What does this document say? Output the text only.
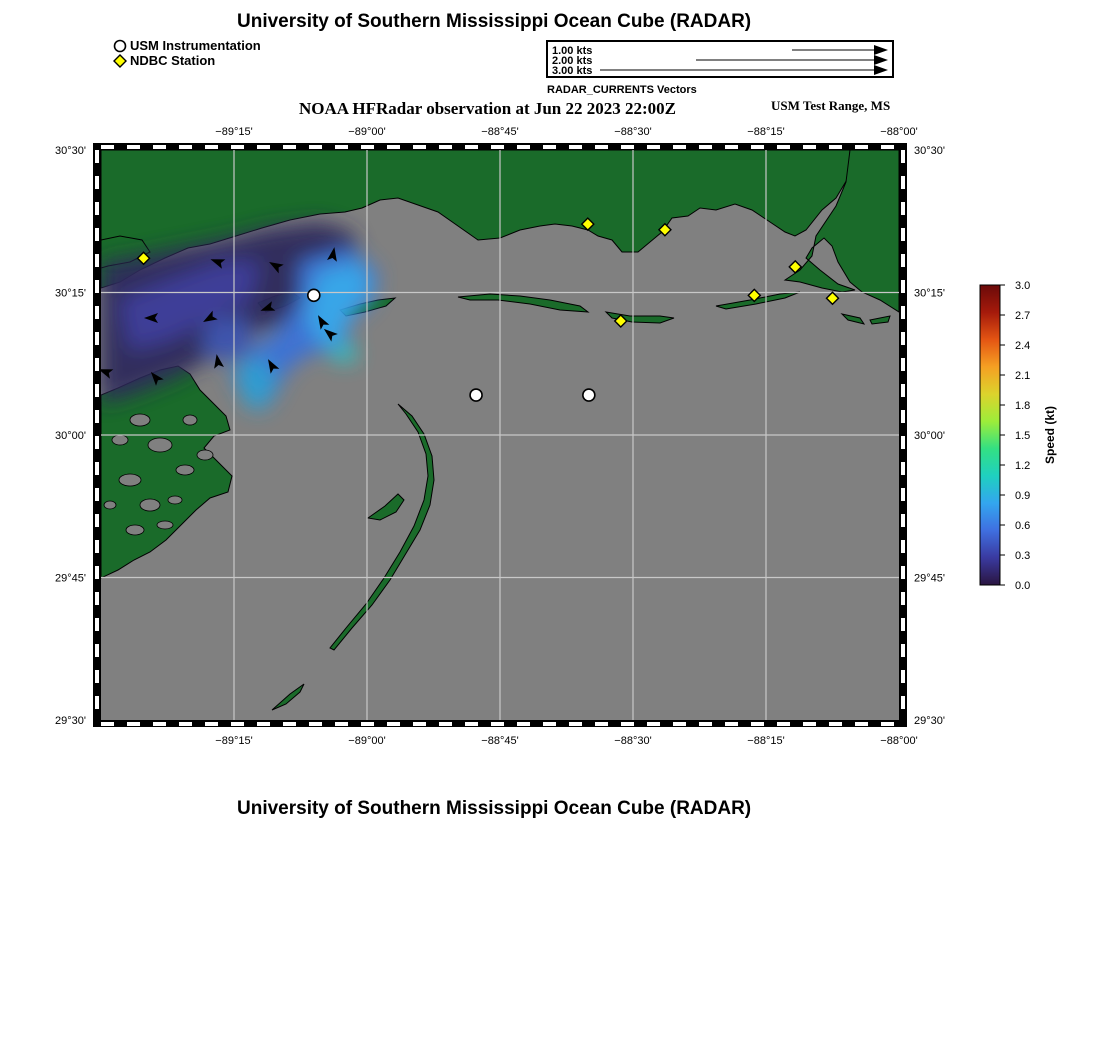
University of Southern Mississippi Ocean Cube (RADAR)
USM Instrumentation
NDBC Station
1.00 kts
2.00 kts
3.00 kts
RADAR_CURRENTS Vectors
NOAA HFRadar observation at Jun 22 2023 22:00Z	USM Test Range, MS
−89°15'
−89°15'
−89°00'
−89°00'
−88°45'
−88°45'
−88°30'
−88°30'
−88°15'
−88°15'
−88°00'
−88°00'
30°30'	30°30'
30°15'	30°15'
30°00'	30°00'
29°45'	29°45'
29°30'	29°30'
0.0
0.3
0.6
0.9
1.2
1.5
1.8
2.1
2.4
2.7
3.0
Speed (kt)
University of Southern Mississippi Ocean Cube (RADAR)
